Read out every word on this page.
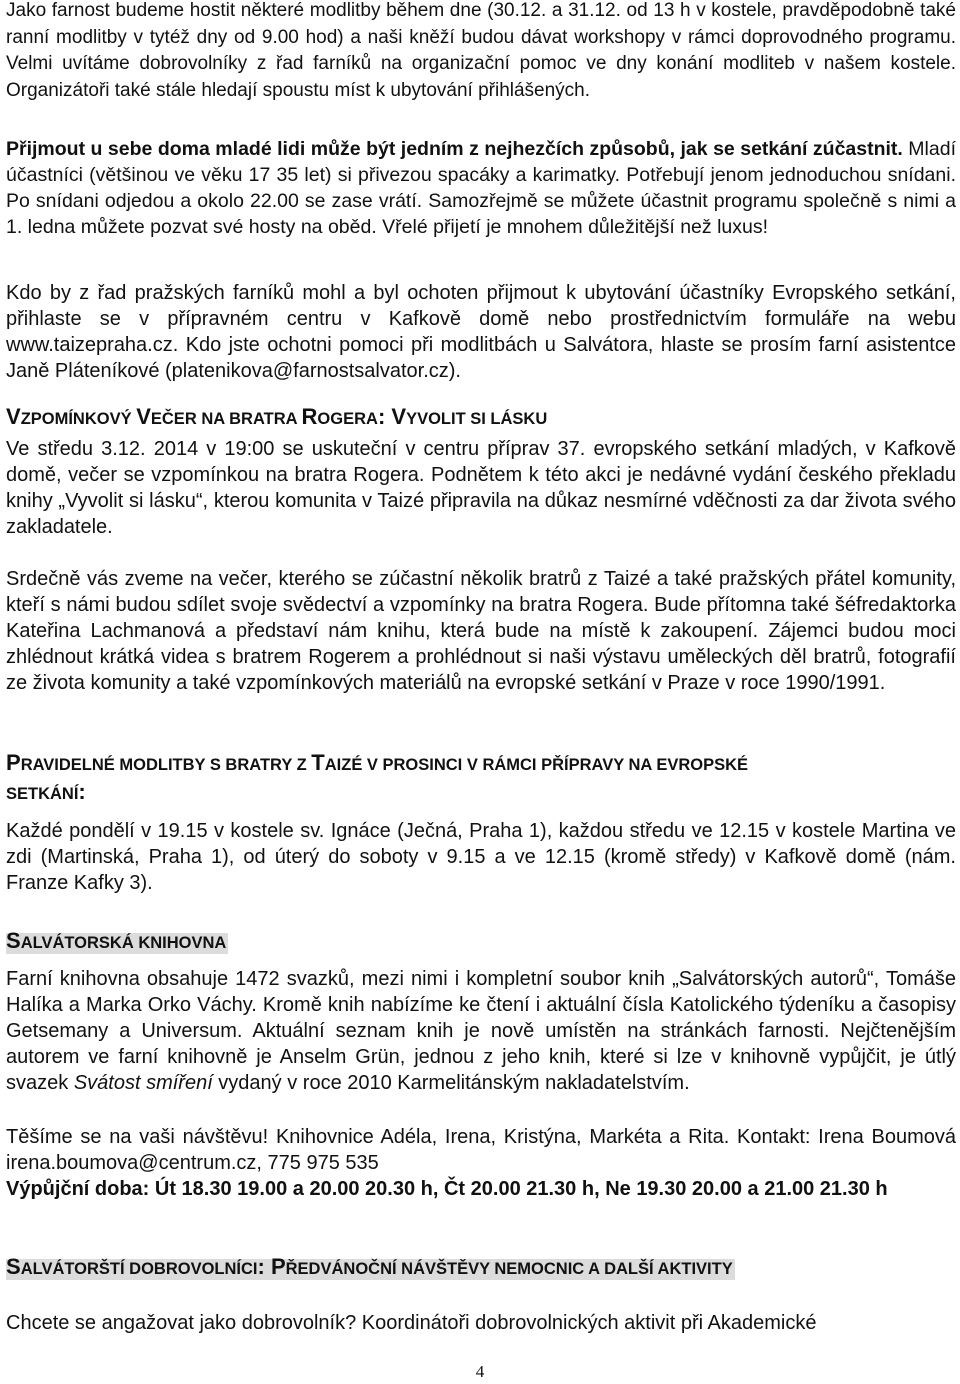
Jako farnost budeme hostit některé modlitby během dne (30.12. a 31.12. od 13 h v kostele, pravděpodobně také ranní modlitby v tytéž dny od 9.00 hod) a naši kněží budou dávat workshopy v rámci doprovodného programu. Velmi uvítáme dobrovolníky z řad farníků na organizační pomoc ve dny konání modliteb v našem kostele. Organizátoři také stále hledají spoustu míst k ubytování přihlášených.

Přijmout u sebe doma mladé lidi může být jedním z nejhezčích způsobů, jak se setkání zúčastnit. Mladí účastníci (většinou ve věku 17 35 let) si přivezou spacáky a karimatky. Potřebují jenom jednoduchou snídani. Po snídani odjedou a okolo 22.00 se zase vrátí. Samozřejmě se můžete účastnit programu společně s nimi a 1. ledna můžete pozvat své hosty na oběd. Vřelé přijetí je mnohem důležitější než luxus!

Kdo by z řad pražských farníků mohl a byl ochoten přijmout k ubytování účastníky Evropského setkání, přihlaste se v přípravném centru v Kafkově domě nebo prostřednictvím formuláře na webu www.taizepraha.cz. Kdo jste ochotni pomoci při modlitbách u Salvátora, hlaste se prosím farní asistentce Janě Pláteníkové (platenikova@farnostsalvator.cz).

VZPOMÍNKOVÝ VEČER NA BRATRA ROGERA: VYVOLIT SI LÁSKU

Ve středu 3.12. 2014 v 19:00 se uskuteční v centru příprav 37. evropského setkání mladých, v Kafkově domě, večer se vzpomínkou na bratra Rogera. Podnětem k této akci je nedávné vydání českého překladu knihy „Vyvolit si lásku“, kterou komunita v Taizé připravila na důkaz nesmírné vděčnosti za dar života svého zakladatele.

Srdečně vás zveme na večer, kterého se zúčastní několik bratrů z Taizé a také pražských přátel komunity, kteří s námi budou sdílet svoje svědectví a vzpomínky na bratra Rogera. Bude přítomna také šéfredaktorka Kateřina Lachmanová a představí nám knihu, která bude na místě k zakoupení. Zájemci budou moci zhlédnout krátká videa s bratrem Rogerem a prohlédnout si naši výstavu uměleckých děl bratrů, fotografií ze života komunity a také vzpomínkových materiálů na evropské setkání v Praze v roce 1990/1991.

PRAVIDELNÉ MODLITBY S BRATRY Z TAIZÉ V PROSINCI V RÁMCI PŘÍPRAVY NA EVROPSKÉ
SETKÁNÍ:

Každé pondělí v 19.15 v kostele sv. Ignáce (Ječná, Praha 1), každou středu ve 12.15 v kostele Martina ve zdi (Martinská, Praha 1), od úterý do soboty v 9.15 a ve 12.15 (kromě středy) v Kafkově domě (nám. Franze Kafky 3).

SALVÁTORSKÁ KNIHOVNA

Farní knihovna obsahuje 1472 svazků, mezi nimi i kompletní soubor knih „Salvátorských autorů“, Tomáše Halíka a Marka Orko Váchy. Kromě knih nabízíme ke čtení i aktuální čísla Katolického týdeníku a časopisy Getsemany a Universum. Aktuální seznam knih je nově umístěn na stránkách farnosti. Nejčtenějším autorem ve farní knihovně je Anselm Grün, jednou z jeho knih, které si lze v knihovně vypůjčit, je útlý svazek Svátost smíření vydaný v roce 2010 Karmelitánským nakladatelstvím.

Těšíme se na vaši návštěvu! Knihovnice Adéla, Irena, Kristýna, Markéta a Rita. Kontakt: Irena Boumová irena.boumova@centrum.cz, 775 975 535

Výpůjční doba: Út 18.30 19.00 a 20.00 20.30 h, Čt 20.00 21.30 h, Ne 19.30 20.00 a 21.00 21.30 h

SALVÁTORŠTÍ DOBROVOLNÍCI: PŘEDVÁNOČNÍ NÁVŠTĚVY NEMOCNIC A DALŠÍ AKTIVITY

Chcete se angažovat jako dobrovolník? Koordinátoři dobrovolnických aktivit při Akademické

4
